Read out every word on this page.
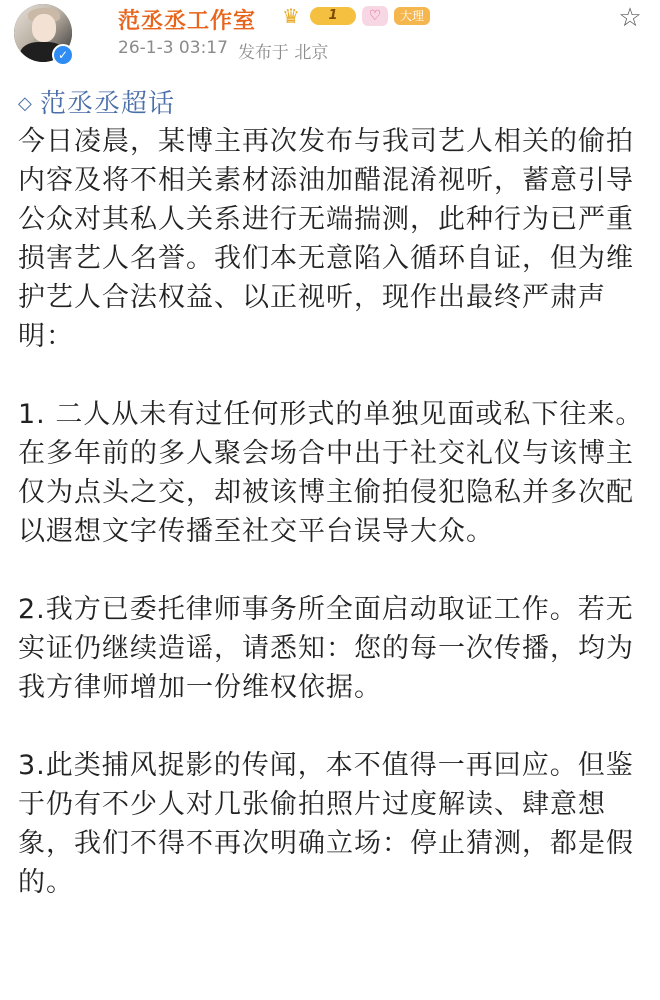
✓
范丞丞工作室 ♛	1	♡	大理	☆
26-1-3 03:17 发布于 北京
◇ 范丞丞超话

今日凌晨，某博主再次发布与我司艺人相关的偷拍内容及将不相关素材添油加醋混淆视听，蓄意引导公众对其私人关系进行无端揣测，此种行为已严重损害艺人名誉。我们本无意陷入循环自证，但为维护艺人合法权益、以正视听，现作出最终严肃声明：

1. 二人从未有过任何形式的单独见面或私下往来。在多年前的多人聚会场合中出于社交礼仪与该博主仅为点头之交，却被该博主偷拍侵犯隐私并多次配以遐想文字传播至社交平台误导大众。

2.我方已委托律师事务所全面启动取证工作。若无实证仍继续造谣，请悉知：您的每一次传播，均为我方律师增加一份维权依据。

3.此类捕风捉影的传闻，本不值得一再回应。但鉴于仍有不少人对几张偷拍照片过度解读、肆意想象，我们不得不再次明确立场：停止猜测，都是假的。
